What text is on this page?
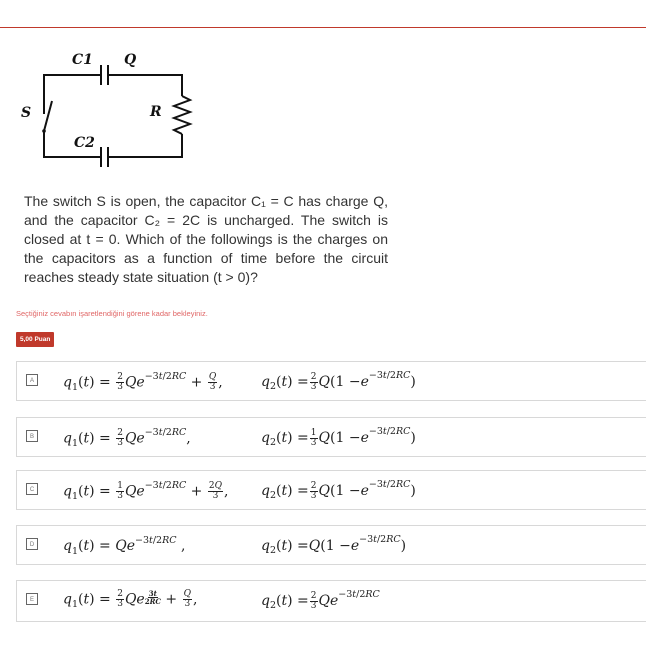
C1 Q
S	R
C2
The switch S is open, the capacitor C₁ = C has charge Q, and the capacitor C₂ = 2C is uncharged. The switch is closed at t = 0. Which of the followings is the charges on the capacitors as a function of time before the circuit reaches steady state situation (t > 0)?
Seçtiğiniz cevabın işaretlendiğini görene kadar bekleyiniz.
5,00 Puan
A $q_1(t) = \frac{2}{3} Qe^{-3t/2RC} + \frac{Q}{3}$ ,	q 2 ( t ) = $\frac{2}{3}$ Q (1 − e −3t/2RC )
B $q_1(t) = \frac{2}{3} Qe^{-3t/2RC}$,	q 2 ( t ) = $\frac{1}{3}$ Q (1 − e −3t/2RC )
C $q_1(t) = \frac{1}{3} Qe^{-3t/2RC} + \frac{2Q}{3}$ , q 2 ( t ) = $\frac{2}{3}$ Q (1 − e −3t/2RC )
D $q_1(t) = Qe^{-3t/2RC}$ ,	q 2 ( t ) = Q (1 − e −3t/2RC )
E $q_1(t) = \frac{2}{3}$ Qe $\frac{3t}{2RC} + \frac{Q}{3}$ ,	q 2 ( t ) = $\frac{2}{3}$ Qe −3t/2RC
